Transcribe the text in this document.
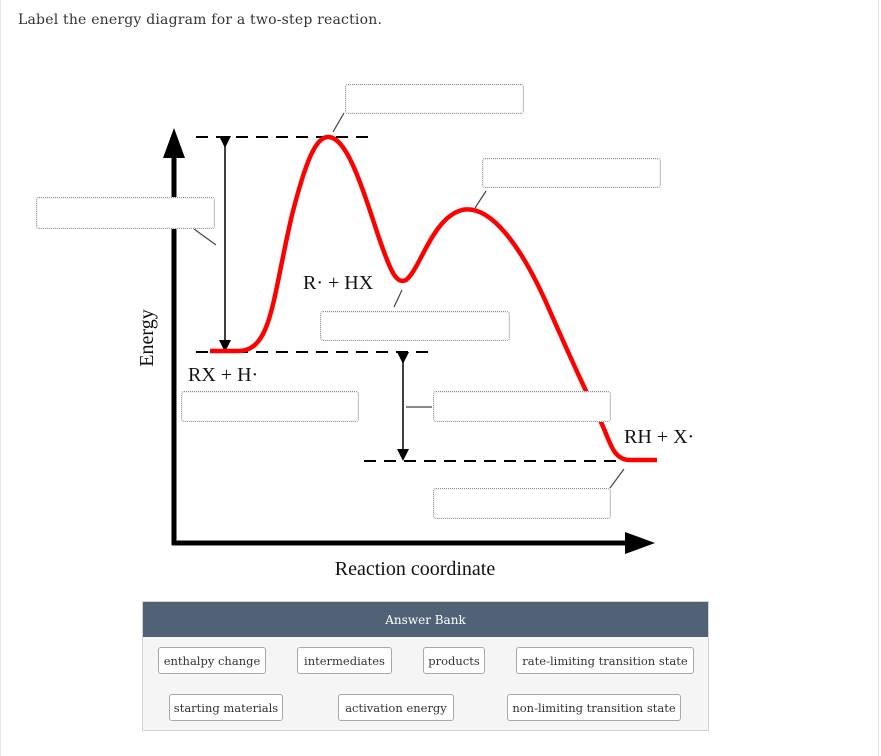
Label the energy diagram for a two-step reaction.
Energy
Reaction coordinate
RX + H·
R· + HX
RH + X·
Answer Bank
enthalpy change	intermediates	products	rate-limiting transition state
starting materials	activation energy	non-limiting transition state
